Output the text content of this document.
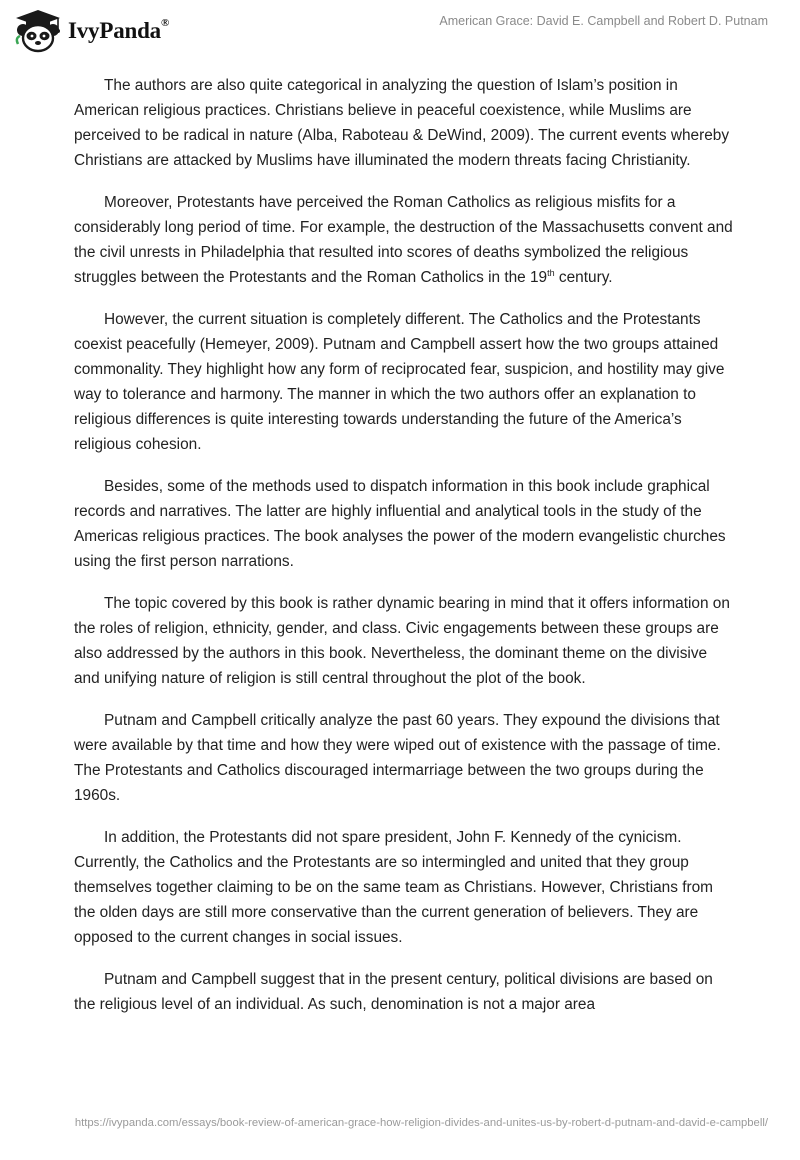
IvyPanda®	American Grace: David E. Campbell and Robert D. Putnam

The authors are also quite categorical in analyzing the question of Islam’s position in American religious practices. Christians believe in peaceful coexistence, while Muslims are perceived to be radical in nature (Alba, Raboteau & DeWind, 2009). The current events whereby Christians are attacked by Muslims have illuminated the modern threats facing Christianity.

Moreover, Protestants have perceived the Roman Catholics as religious misfits for a considerably long period of time. For example, the destruction of the Massachusetts convent and the civil unrests in Philadelphia that resulted into scores of deaths symbolized the religious struggles between the Protestants and the Roman Catholics in the 19th century.

However, the current situation is completely different. The Catholics and the Protestants coexist peacefully (Hemeyer, 2009). Putnam and Campbell assert how the two groups attained commonality. They highlight how any form of reciprocated fear, suspicion, and hostility may give way to tolerance and harmony. The manner in which the two authors offer an explanation to religious differences is quite interesting towards understanding the future of the America’s religious cohesion.

Besides, some of the methods used to dispatch information in this book include graphical records and narratives. The latter are highly influential and analytical tools in the study of the Americas religious practices. The book analyses the power of the modern evangelistic churches using the first person narrations.

The topic covered by this book is rather dynamic bearing in mind that it offers information on the roles of religion, ethnicity, gender, and class. Civic engagements between these groups are also addressed by the authors in this book. Nevertheless, the dominant theme on the divisive and unifying nature of religion is still central throughout the plot of the book.

Putnam and Campbell critically analyze the past 60 years. They expound the divisions that were available by that time and how they were wiped out of existence with the passage of time. The Protestants and Catholics discouraged intermarriage between the two groups during the 1960s.

In addition, the Protestants did not spare president, John F. Kennedy of the cynicism. Currently, the Catholics and the Protestants are so intermingled and united that they group themselves together claiming to be on the same team as Christians. However, Christians from the olden days are still more conservative than the current generation of believers. They are opposed to the current changes in social issues.

Putnam and Campbell suggest that in the present century, political divisions are based on the religious level of an individual. As such, denomination is not a major area

https://ivypanda.com/essays/book-review-of-american-grace-how-religion-divides-and-unites-us-by-robert-d-putnam-and-david-e-campbell/
